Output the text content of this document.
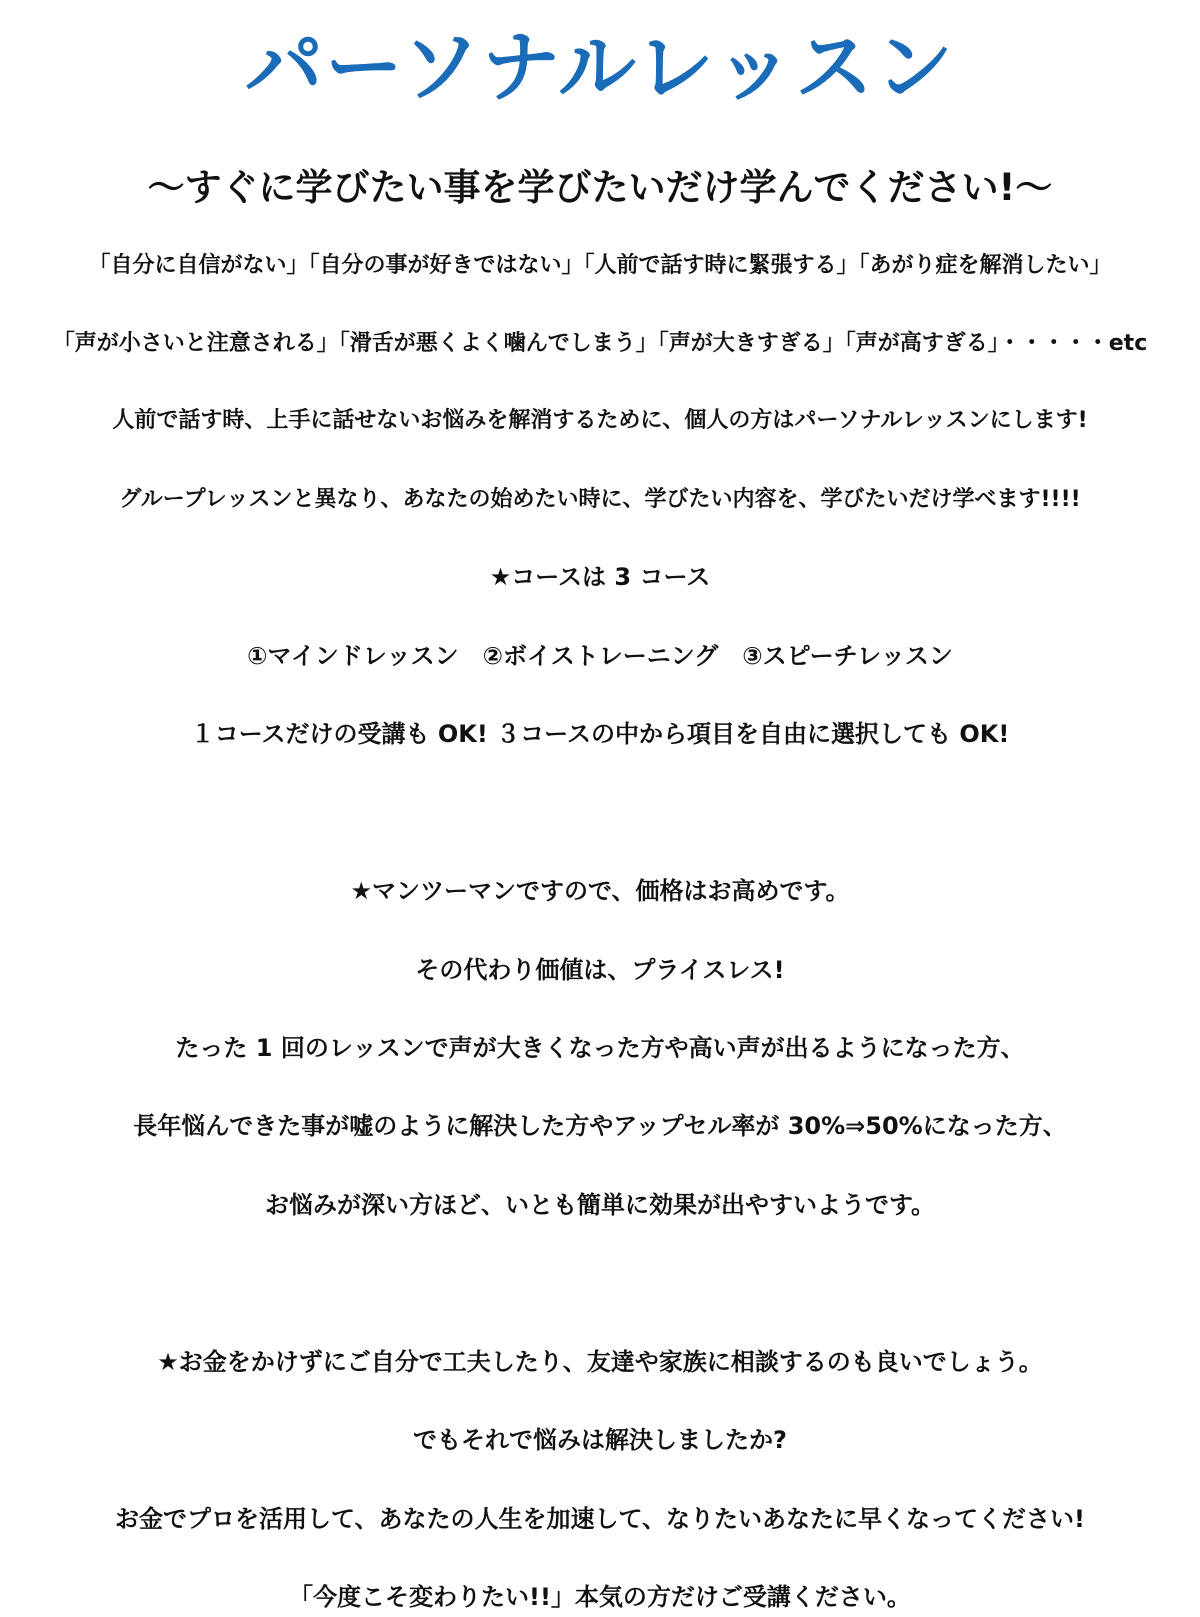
パーソナルレッスン
～すぐに学びたい事を学びたいだけ学んでください!～

「自分に自信がない」「自分の事が好きではない」「人前で話す時に緊張する」「あがり症を解消したい」

「声が小さいと注意される」「滑舌が悪くよく噛んでしまう」「声が大きすぎる」「声が高すぎる」・・・・・etc

人前で話す時、上手に話せないお悩みを解消するために、個人の方はパーソナルレッスンにします!

グループレッスンと異なり、あなたの始めたい時に、学びたい内容を、学びたいだけ学べます!!!!

★コースは 3 コース

①マインドレッスン　②ボイストレーニング　③スピーチレッスン

１コースだけの受講も OK! ３コースの中から項目を自由に選択しても OK!

★マンツーマンですので、価格はお高めです。

その代わり価値は、プライスレス!

たった 1 回のレッスンで声が大きくなった方や高い声が出るようになった方、

長年悩んできた事が嘘のように解決した方やアップセル率が 30%⇒50%になった方、

お悩みが深い方ほど、いとも簡単に効果が出やすいようです。

★お金をかけずにご自分で工夫したり、友達や家族に相談するのも良いでしょう。

でもそれで悩みは解決しましたか?

お金でプロを活用して、あなたの人生を加速して、なりたいあなたに早くなってください!

「今度こそ変わりたい!!」本気の方だけご受講ください。
